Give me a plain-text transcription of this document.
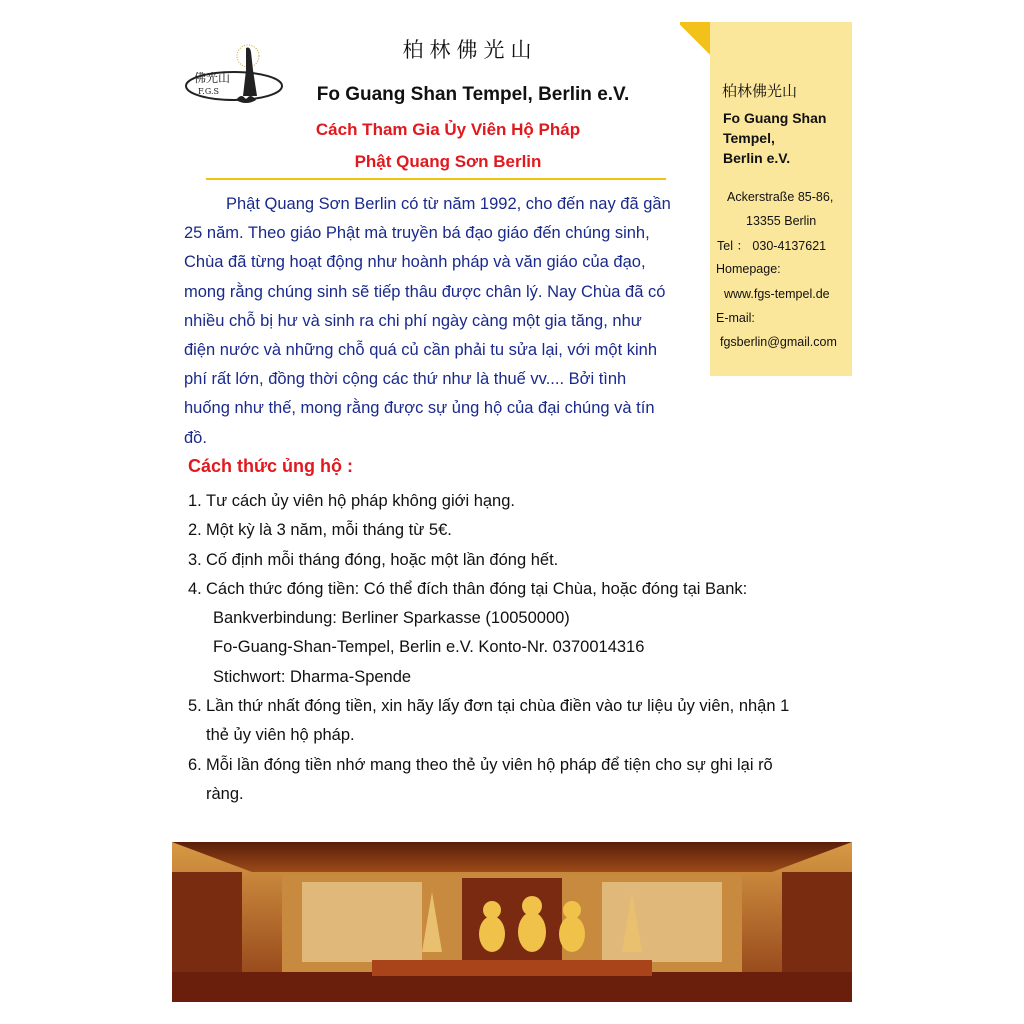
佛光山
F.G.S
柏林佛光山
Fo Guang Shan Tempel, Berlin e.V.
Cách Tham Gia Ủy Viên Hộ Pháp
Phật Quang Sơn Berlin
柏林佛光山
Fo Guang Shan
Tempel,
Berlin e.V.
Ackerstraße 85-86,
13355 Berlin
Tel ： 030-4137621
Homepage:
www.fgs-tempel.de
E-mail:
fgsberlin@gmail.com
Phật Quang Sơn Berlin có từ năm 1992, cho đến nay đã gần
25 năm. Theo giáo Phật mà truyền bá đạo giáo đến chúng sinh,
Chùa đã từng hoạt động như hoành pháp và văn giáo của đạo,
mong rằng chúng sinh sẽ tiếp thâu được chân lý. Nay Chùa đã có
nhiều chỗ bị hư và sinh ra chi phí ngày càng một gia tăng, như
điện nước và những chỗ quá củ cần phải tu sửa lại, với một kinh
phí rất lớn, đồng thời cộng các thứ như là thuế vv.... Bởi tình
huống như thế, mong rằng được sự ủng hộ của đại chúng và tín
đồ.
Cách thức ủng hộ :
1. Tư cách ủy viên hộ pháp không giới hạng.
2. Một kỳ là 3 năm, mỗi tháng từ 5€.
3. Cố định mỗi tháng đóng, hoặc một lần đóng hết.
4. Cách thức đóng tiền: Có thể đích thân đóng tại Chùa, hoặc đóng tại Bank:
Bankverbindung: Berliner Sparkasse (10050000)
Fo-Guang-Shan-Tempel, Berlin e.V. Konto-Nr. 0370014316
Stichwort: Dharma-Spende
5. Lần thứ nhất đóng tiền, xin hãy lấy đơn tại chùa điền vào tư liệu ủy viên, nhận 1
thẻ ủy viên hộ pháp.
6. Mỗi lần đóng tiền nhớ mang theo thẻ ủy viên hộ pháp để tiện cho sự ghi lại rõ
ràng.
